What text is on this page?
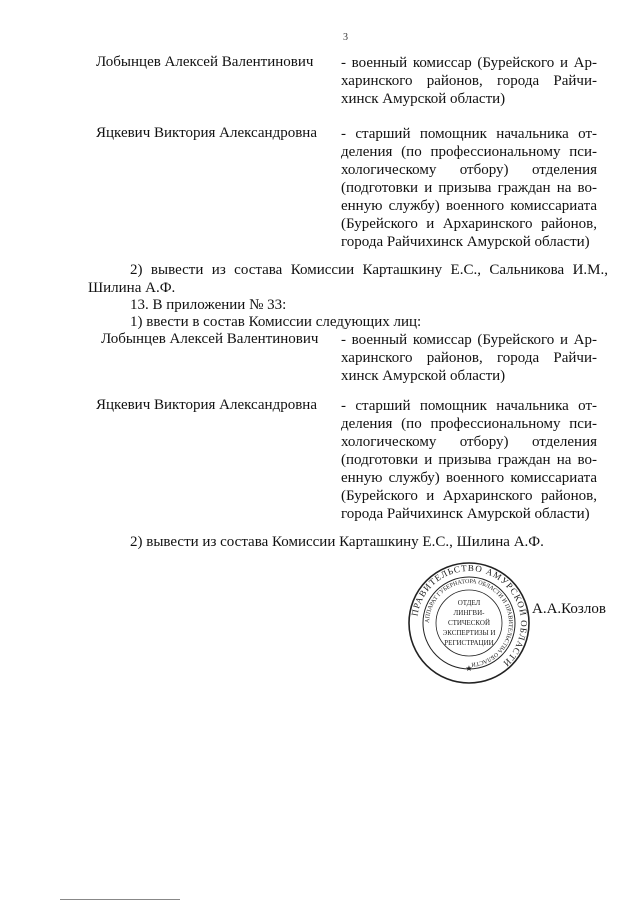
3
Лобынцев Алексей Валентинович - военный комиссар (Бурейского и Ар-
харинского районов, города Райчи-
хинск Амурской области)
Яцкевич Виктория Александровна - старший помощник начальника от-
деления (по профессиональному пси-
хологическому отбору) отделения
(подготовки и призыва граждан на во-
енную службу) военного комиссариата
(Бурейского и Архаринского районов,
города Райчихинск Амурской области)
2) вывести из состава Комиссии Карташкину Е.С., Сальникова И.М.,
Шилина А.Ф.
13. В приложении № 33:
1) ввести в состав Комиссии следующих лиц:
Лобынцев Алексей Валентинович - военный комиссар (Бурейского и Ар-
харинского районов, города Райчи-
хинск Амурской области)
Яцкевич Виктория Александровна - старший помощник начальника от-
деления (по профессиональному пси-
хологическому отбору) отделения
(подготовки и призыва граждан на во-
енную службу) военного комиссариата
(Бурейского и Архаринского районов,
города Райчихинск Амурской области)
2) вывести из состава Комиссии Карташкину Е.С., Шилина А.Ф.
ПРАВИТЕЛЬСТВО АМУРСКОЙ ОБЛАСТИ
АППАРАТ ГУБЕРНАТОРА ОБЛАСТИ И ПРАВИТЕЛЬСТВА ОБЛАСТИ
ОТДЕЛ
ЛИНГВИ-
СТИЧЕСКОЙ
ЭКСПЕРТИЗЫ И
РЕГИСТРАЦИИ
★
А.А.Козлов
